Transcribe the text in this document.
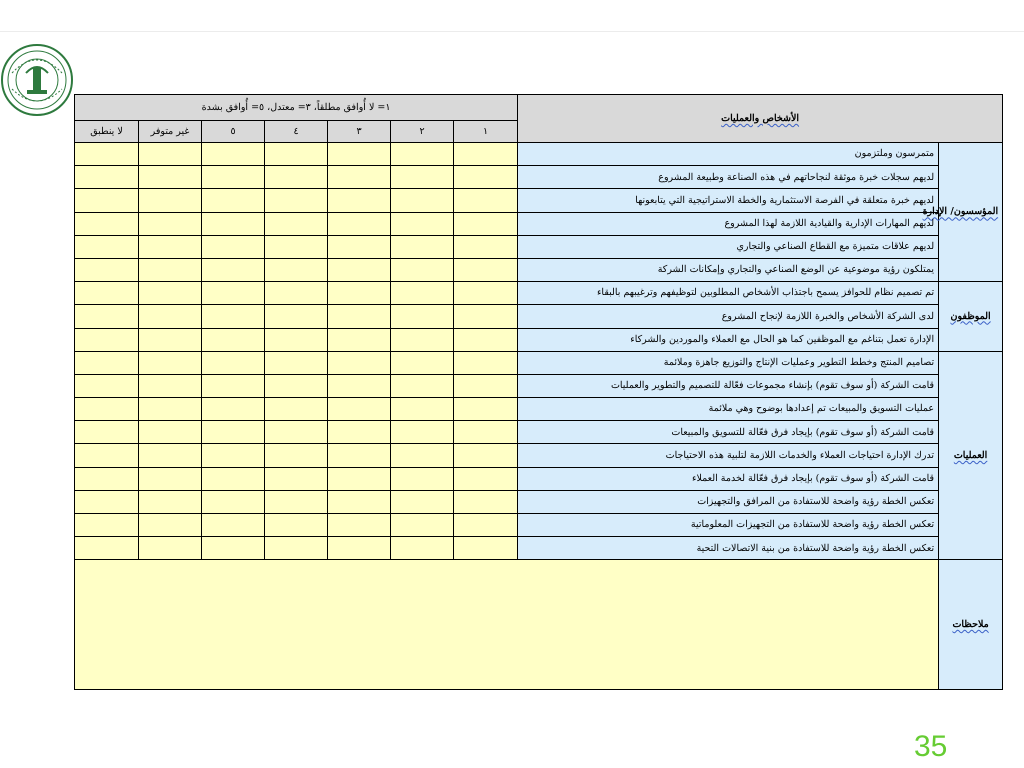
١= لا أُوافق مطلقاً، ٣= معتدل، ٥= أُوافق بشدة							الأشخاص والعمليات	
لا ينطبق	غير متوفر	٥	٤	٣	٢	١		
							متمرسون وملتزمون	المؤسسون/ الإدارة
							لديهم سجلات خبرة موثقة لنجاحاتهم في هذه الصناعة وطبيعة المشروع	
							لديهم خبرة متعلقة في الفرصة الاستثمارية والخطة الاستراتيجية التي يتابعونها	
							لديهم المهارات الإدارية والقيادية اللازمة لهذا المشروع	
							لديهم علاقات متميزة مع القطاع الصناعي والتجاري	
							يمتلكون رؤية موضوعية عن الوضع الصناعي والتجاري وإمكانات الشركة	
							تم تصميم نظام للحوافز يسمح باجتذاب الأشخاص المطلوبين لتوظيفهم وترغيبهم بالبقاء	الموظفون
							لدى الشركة الأشخاص والخبرة اللازمة لإنجاح المشروع	
							الإدارة تعمل بتناغم مع الموظفين كما هو الحال مع العملاء والموردين والشركاء	
							تصاميم المنتج وخطط التطوير وعمليات الإنتاج والتوزيع جاهزة وملائمة	العمليات
							قامت الشركة (أو سوف تقوم) بإنشاء مجموعات فعّالة للتصميم والتطوير والعمليات	
							عمليات التسويق والمبيعات تم إعدادها بوضوح وهي ملائمة	
							قامت الشركة (أو سوف تقوم) بإيجاد فرق فعّالة للتسويق والمبيعات	
							تدرك الإدارة احتياجات العملاء والخدمات اللازمة لتلبية هذه الاحتياجات	
							قامت الشركة (أو سوف تقوم) بإيجاد فرق فعّالة لخدمة العملاء	
							تعكس الخطة رؤية واضحة للاستفادة من المرافق والتجهيزات	
							تعكس الخطة رؤية واضحة للاستفادة من التجهيزات المعلوماتية	
							تعكس الخطة رؤية واضحة للاستفادة من بنية الاتصالات التحية	
								ملاحظات
35
